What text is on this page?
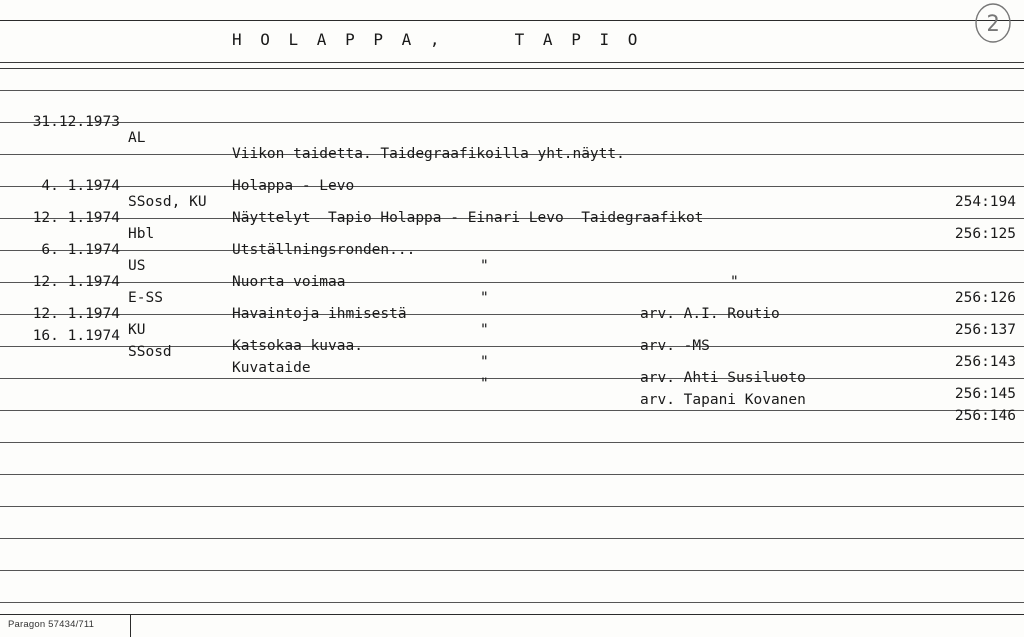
H O L A P P A ,     T A P I O
2

31.12.1973

AL

Viikon taidetta. Taidegraafikoilla yht.näytt.

Holappa - Levo

254:194

4. 1.1974

SSosd, KU

Näyttelyt  Tapio Holappa - Einari Levo  Taidegraafikot

256:125

12. 1.1974

Hbl

Utställningsronden...

"

"

256:126

6. 1.1974

US

Nuorta voimaa

"

arv. A.I. Routio

256:137

12. 1.1974

E-SS

Havaintoja ihmisestä

"

arv. -MS

256:143

12. 1.1974

KU

Katsokaa kuvaa.

"

arv. Ahti Susiluoto

256:145

16. 1.1974

SSosd

Kuvataide

"

arv. Tapani Kovanen

256:146

Paragon 57434/711
